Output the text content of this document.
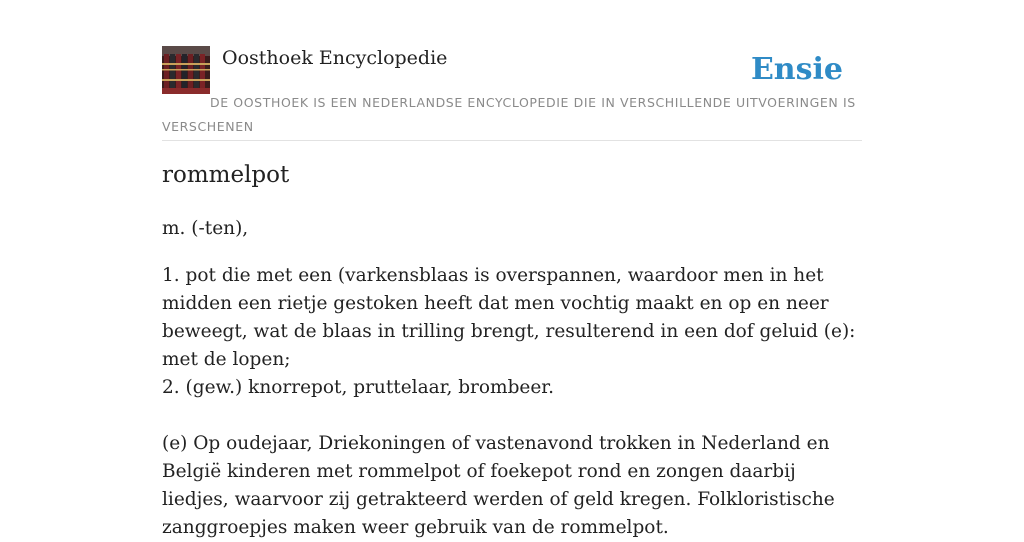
Oosthoek Encyclopedie	Ensie
DE OOSTHOEK IS EEN NEDERLANDSE ENCYCLOPEDIE DIE IN VERSCHILLENDE UITVOERINGEN IS VERSCHENEN
rommelpot

m. (-ten),

1. pot die met een (varkensblaas is overspannen, waardoor men in het midden een rietje gestoken heeft dat men vochtig maakt en op en neer beweegt, wat de blaas in trilling brengt, resulterend in een dof geluid (e): met de lopen;

2. (gew.) knorrepot, pruttelaar, brombeer.

(e) Op oudejaar, Driekoningen of vastenavond trokken in Nederland en België kinderen met rommelpot of foekepot rond en zongen daarbij liedjes, waarvoor zij getrakteerd werden of geld kregen. Folkloristische zanggroepjes maken weer gebruik van de rommelpot.
